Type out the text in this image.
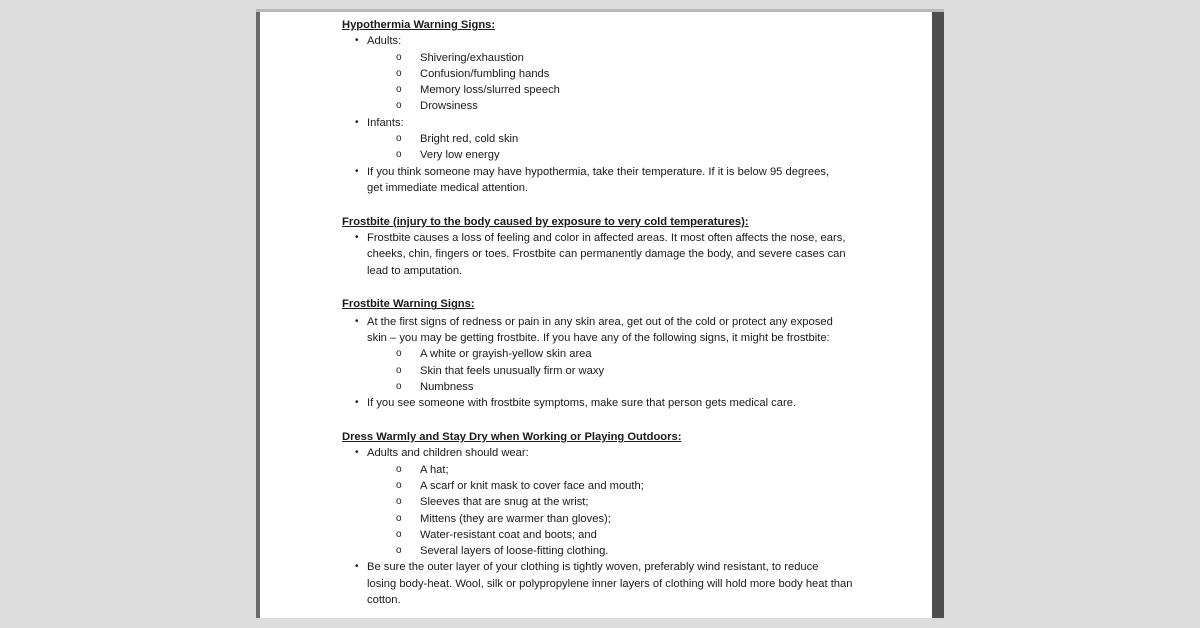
Hypothermia Warning Signs:

• Adults:
o Shivering/exhaustion
o Confusion/fumbling hands
o Memory loss/slurred speech
o Drowsiness
• Infants:
o Bright red, cold skin
o Very low energy
• If you think someone may have hypothermia, take their temperature. If it is below 95 degrees,
get immediate medical attention.

Frostbite (injury to the body caused by exposure to very cold temperatures):

• Frostbite causes a loss of feeling and color in affected areas. It most often affects the nose, ears,
cheeks, chin, fingers or toes. Frostbite can permanently damage the body, and severe cases can
lead to amputation.

Frostbite Warning Signs:

• At the first signs of redness or pain in any skin area, get out of the cold or protect any exposed
skin – you may be getting frostbite. If you have any of the following signs, it might be frostbite:
o A white or grayish-yellow skin area
o Skin that feels unusually firm or waxy
o Numbness
• If you see someone with frostbite symptoms, make sure that person gets medical care.

Dress Warmly and Stay Dry when Working or Playing Outdoors:

• Adults and children should wear:
o A hat;
o A scarf or knit mask to cover face and mouth;
o Sleeves that are snug at the wrist;
o Mittens (they are warmer than gloves);
o Water-resistant coat and boots; and
o Several layers of loose-fitting clothing.
• Be sure the outer layer of your clothing is tightly woven, preferably wind resistant, to reduce
losing body-heat. Wool, silk or polypropylene inner layers of clothing will hold more body heat than
cotton.
